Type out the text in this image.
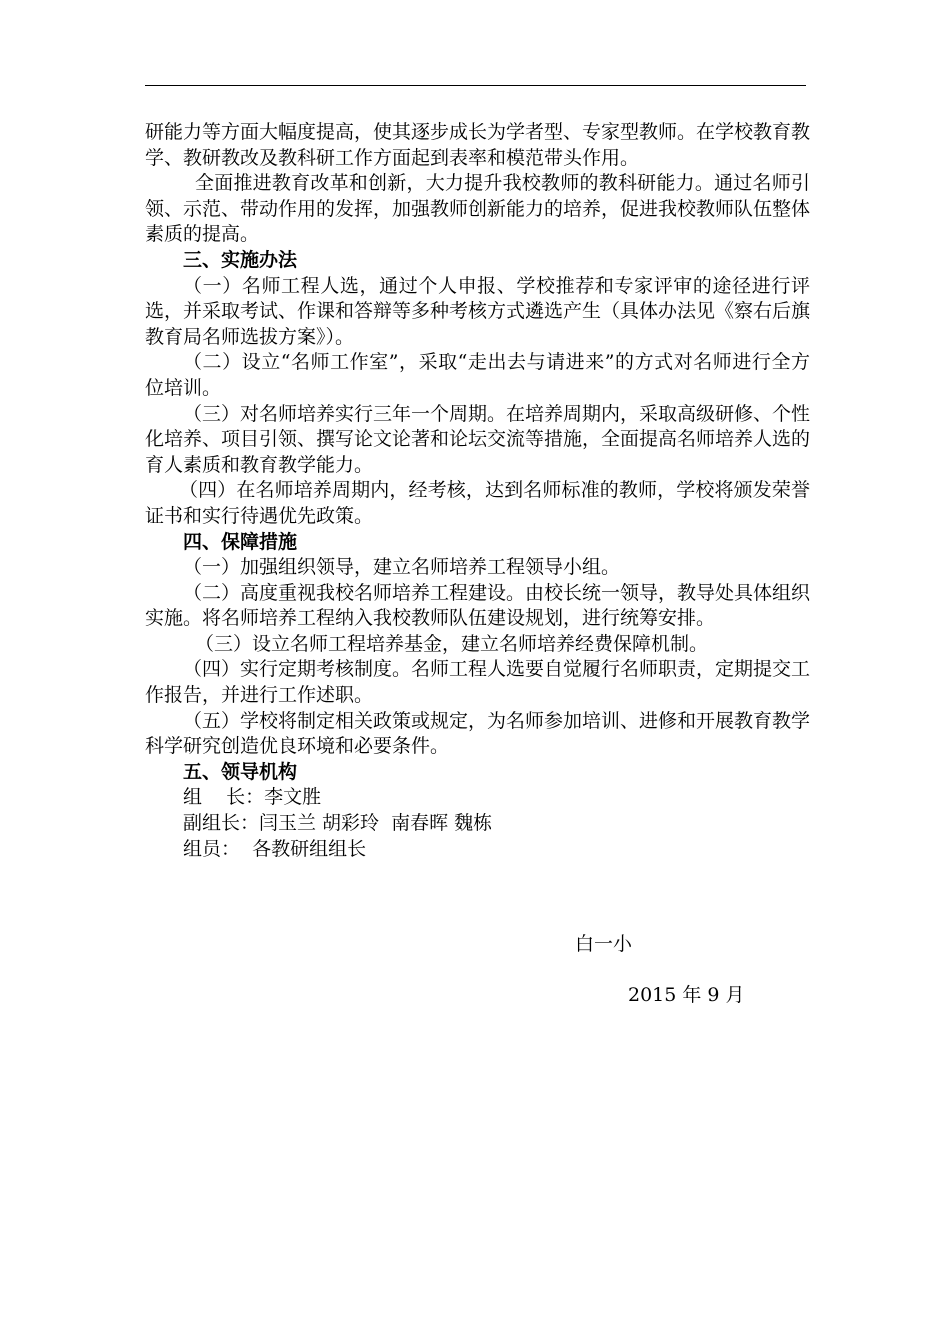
研能力等方面大幅度提高，使其逐步成长为学者型、专家型教师。在学校教育教学、教研教改及教科研工作方面起到表率和模范带头作用。

全面推进教育改革和创新，大力提升我校教师的教科研能力。通过名师引领、示范、带动作用的发挥，加强教师创新能力的培养，促进我校教师队伍整体素质的提高。

三、实施办法

（一）名师工程人选，通过个人申报、学校推荐和专家评审的途径进行评选，并采取考试、作课和答辩等多种考核方式遴选产生（具体办法见《察右后旗教育局名师选拔方案》）。

（二）设立“名师工作室”，采取“走出去与请进来”的方式对名师进行全方位培训。

（三）对名师培养实行三年一个周期。在培养周期内，采取高级研修、个性化培养、项目引领、撰写论文论著和论坛交流等措施，全面提高名师培养人选的育人素质和教育教学能力。

（四）在名师培养周期内，经考核，达到名师标准的教师，学校将颁发荣誉证书和实行待遇优先政策。

四、保障措施

（一）加强组织领导，建立名师培养工程领导小组。

（二）高度重视我校名师培养工程建设。由校长统一领导，教导处具体组织实施。将名师培养工程纳入我校教师队伍建设规划，进行统筹安排。

（三）设立名师工程培养基金，建立名师培养经费保障机制。

（四）实行定期考核制度。名师工程人选要自觉履行名师职责，定期提交工作报告，并进行工作述职。

（五）学校将制定相关政策或规定，为名师参加培训、进修和开展教育教学科学研究创造优良环境和必要条件。

五、领导机构

组    长：李文胜

副组长：闫玉兰 胡彩玲  南春晖 魏栋

组员：  各教研组组长

白一小
2015 年 9 月
